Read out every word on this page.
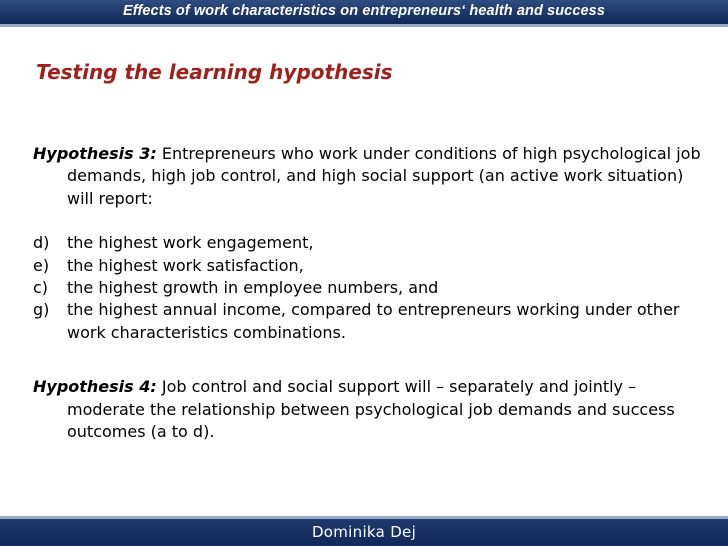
Effects of work characteristics on entrepreneurs‘ health and success
Testing the learning hypothesis
Hypothesis 3: Entrepreneurs who work under conditions of high psychological job demands, high job control, and high social support (an active work situation) will report:
d)	the highest work engagement,
e)	the highest work satisfaction,
c)	the highest growth in employee numbers, and
g)	the highest annual income, compared to entrepreneurs working under other work characteristics combinations.
Hypothesis 4: Job control and social support will – separately and jointly – moderate the relationship between psychological job demands and success outcomes (a to d).
Dominika Dej
